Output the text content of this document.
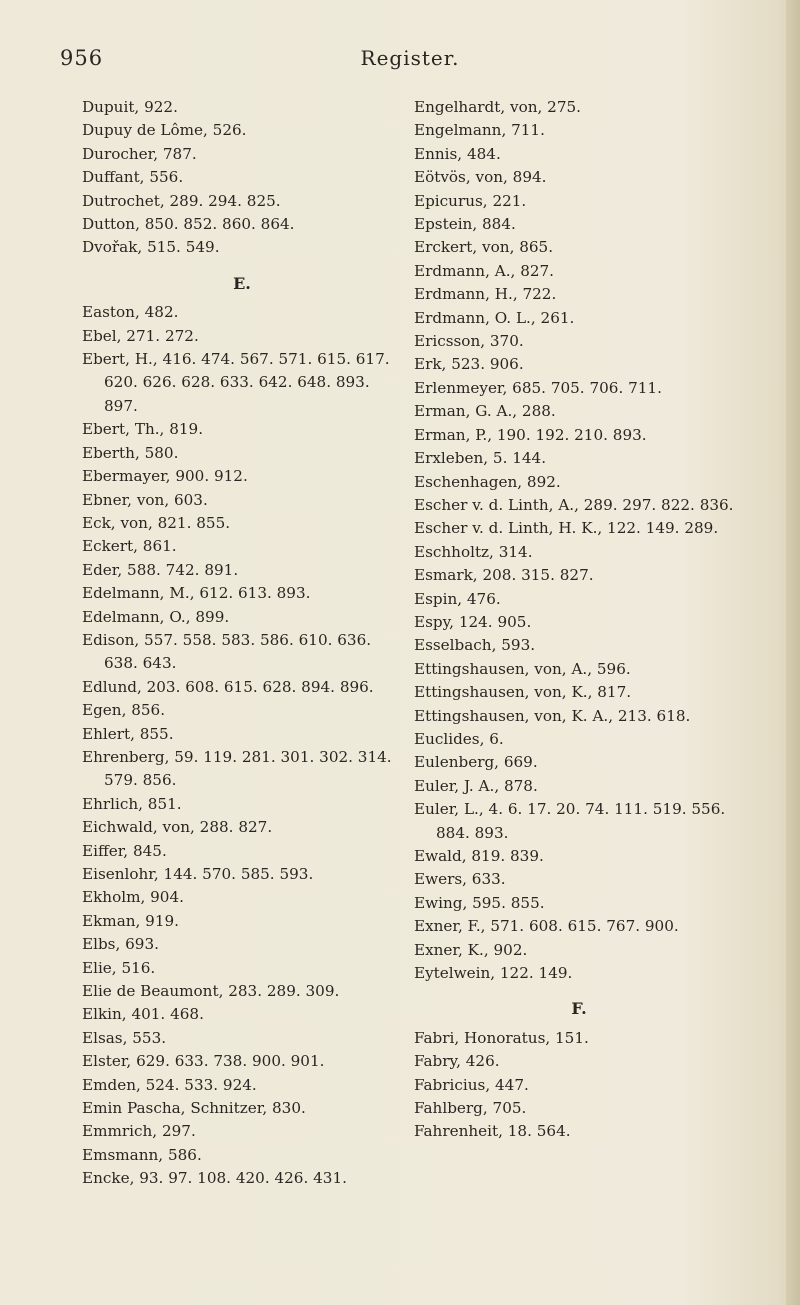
956	Register.
Dupuit, 922.
Dupuy de Lôme, 526.
Durocher, 787.
Duffant, 556.
Dutrochet, 289. 294. 825.
Dutton, 850. 852. 860. 864.
Dvořak, 515. 549.
E.
Easton, 482.
Ebel, 271. 272.
Ebert, H., 416. 474. 567. 571. 615. 617. 620. 626. 628. 633. 642. 648. 893. 897.
Ebert, Th., 819.
Eberth, 580.
Ebermayer, 900. 912.
Ebner, von, 603.
Eck, von, 821. 855.
Eckert, 861.
Eder, 588. 742. 891.
Edelmann, M., 612. 613. 893.
Edelmann, O., 899.
Edison, 557. 558. 583. 586. 610. 636. 638. 643.
Edlund, 203. 608. 615. 628. 894. 896.
Egen, 856.
Ehlert, 855.
Ehrenberg, 59. 119. 281. 301. 302. 314. 579. 856.
Ehrlich, 851.
Eichwald, von, 288. 827.
Eiffer, 845.
Eisenlohr, 144. 570. 585. 593.
Ekholm, 904.
Ekman, 919.
Elbs, 693.
Elie, 516.
Elie de Beaumont, 283. 289. 309.
Elkin, 401. 468.
Elsas, 553.
Elster, 629. 633. 738. 900. 901.
Emden, 524. 533. 924.
Emin Pascha, Schnitzer, 830.
Emmrich, 297.
Emsmann, 586.
Encke, 93. 97. 108. 420. 426. 431.
Engelhardt, von, 275.
Engelmann, 711.
Ennis, 484.
Eötvös, von, 894.
Epicurus, 221.
Epstein, 884.
Erckert, von, 865.
Erdmann, A., 827.
Erdmann, H., 722.
Erdmann, O. L., 261.
Ericsson, 370.
Erk, 523. 906.
Erlenmeyer, 685. 705. 706. 711.
Erman, G. A., 288.
Erman, P., 190. 192. 210. 893.
Erxleben, 5. 144.
Eschenhagen, 892.
Escher v. d. Linth, A., 289. 297. 822. 836.
Escher v. d. Linth, H. K., 122. 149. 289.
Eschholtz, 314.
Esmark, 208. 315. 827.
Espin, 476.
Espy, 124. 905.
Esselbach, 593.
Ettingshausen, von, A., 596.
Ettingshausen, von, K., 817.
Ettingshausen, von, K. A., 213. 618.
Euclides, 6.
Eulenberg, 669.
Euler, J. A., 878.
Euler, L., 4. 6. 17. 20. 74. 111. 519. 556. 884. 893.
Ewald, 819. 839.
Ewers, 633.
Ewing, 595. 855.
Exner, F., 571. 608. 615. 767. 900.
Exner, K., 902.
Eytelwein, 122. 149.
F.
Fabri, Honoratus, 151.
Fabry, 426.
Fabricius, 447.
Fahlberg, 705.
Fahrenheit, 18. 564.
